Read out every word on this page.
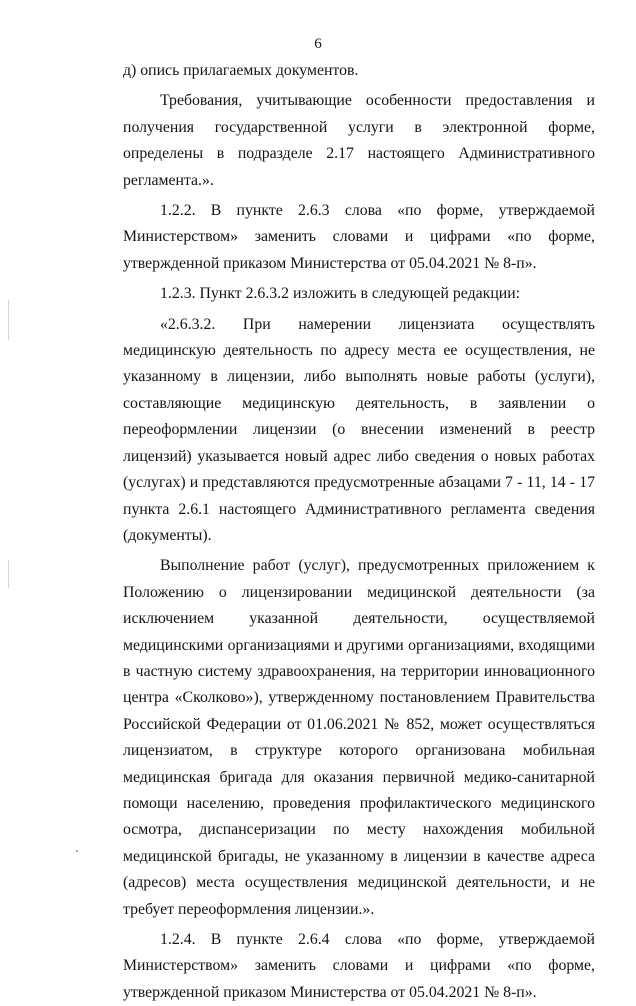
6

д) опись прилагаемых документов.

Требования, учитывающие особенности предоставления и получения государственной услуги в электронной форме, определены в подразделе 2.17 настоящего Административного регламента.».

1.2.2. В пункте 2.6.3 слова «по форме, утверждаемой Министерством» заменить словами и цифрами «по форме, утвержденной приказом Министерства от 05.04.2021 № 8-п».

1.2.3. Пункт 2.6.3.2 изложить в следующей редакции:

«2.6.3.2. При намерении лицензиата осуществлять медицинскую деятельность по адресу места ее осуществления, не указанному в лицензии, либо выполнять новые работы (услуги), составляющие медицинскую деятельность, в заявлении о переоформлении лицензии (о внесении изменений в реестр лицензий) указывается новый адрес либо сведения о новых работах (услугах) и представляются предусмотренные абзацами 7 - 11, 14 - 17 пункта 2.6.1 настоящего Административного регламента сведения (документы).

Выполнение работ (услуг), предусмотренных приложением к Положению о лицензировании медицинской деятельности (за исключением указанной деятельности, осуществляемой медицинскими организациями и другими организациями, входящими в частную систему здравоохранения, на территории инновационного центра «Сколково»), утвержденному постановлением Правительства Российской Федерации от 01.06.2021 № 852, может осуществляться лицензиатом, в структуре которого организована мобильная медицинская бригада для оказания первичной медико-санитарной помощи населению, проведения профилактического медицинского осмотра, диспансеризации по месту нахождения мобильной медицинской бригады, не указанному в лицензии в качестве адреса (адресов) места осуществления медицинской деятельности, и не требует переоформления лицензии.».

1.2.4. В пункте 2.6.4 слова «по форме, утверждаемой Министерством» заменить словами и цифрами «по форме, утвержденной приказом Министерства от 05.04.2021 № 8-п».
